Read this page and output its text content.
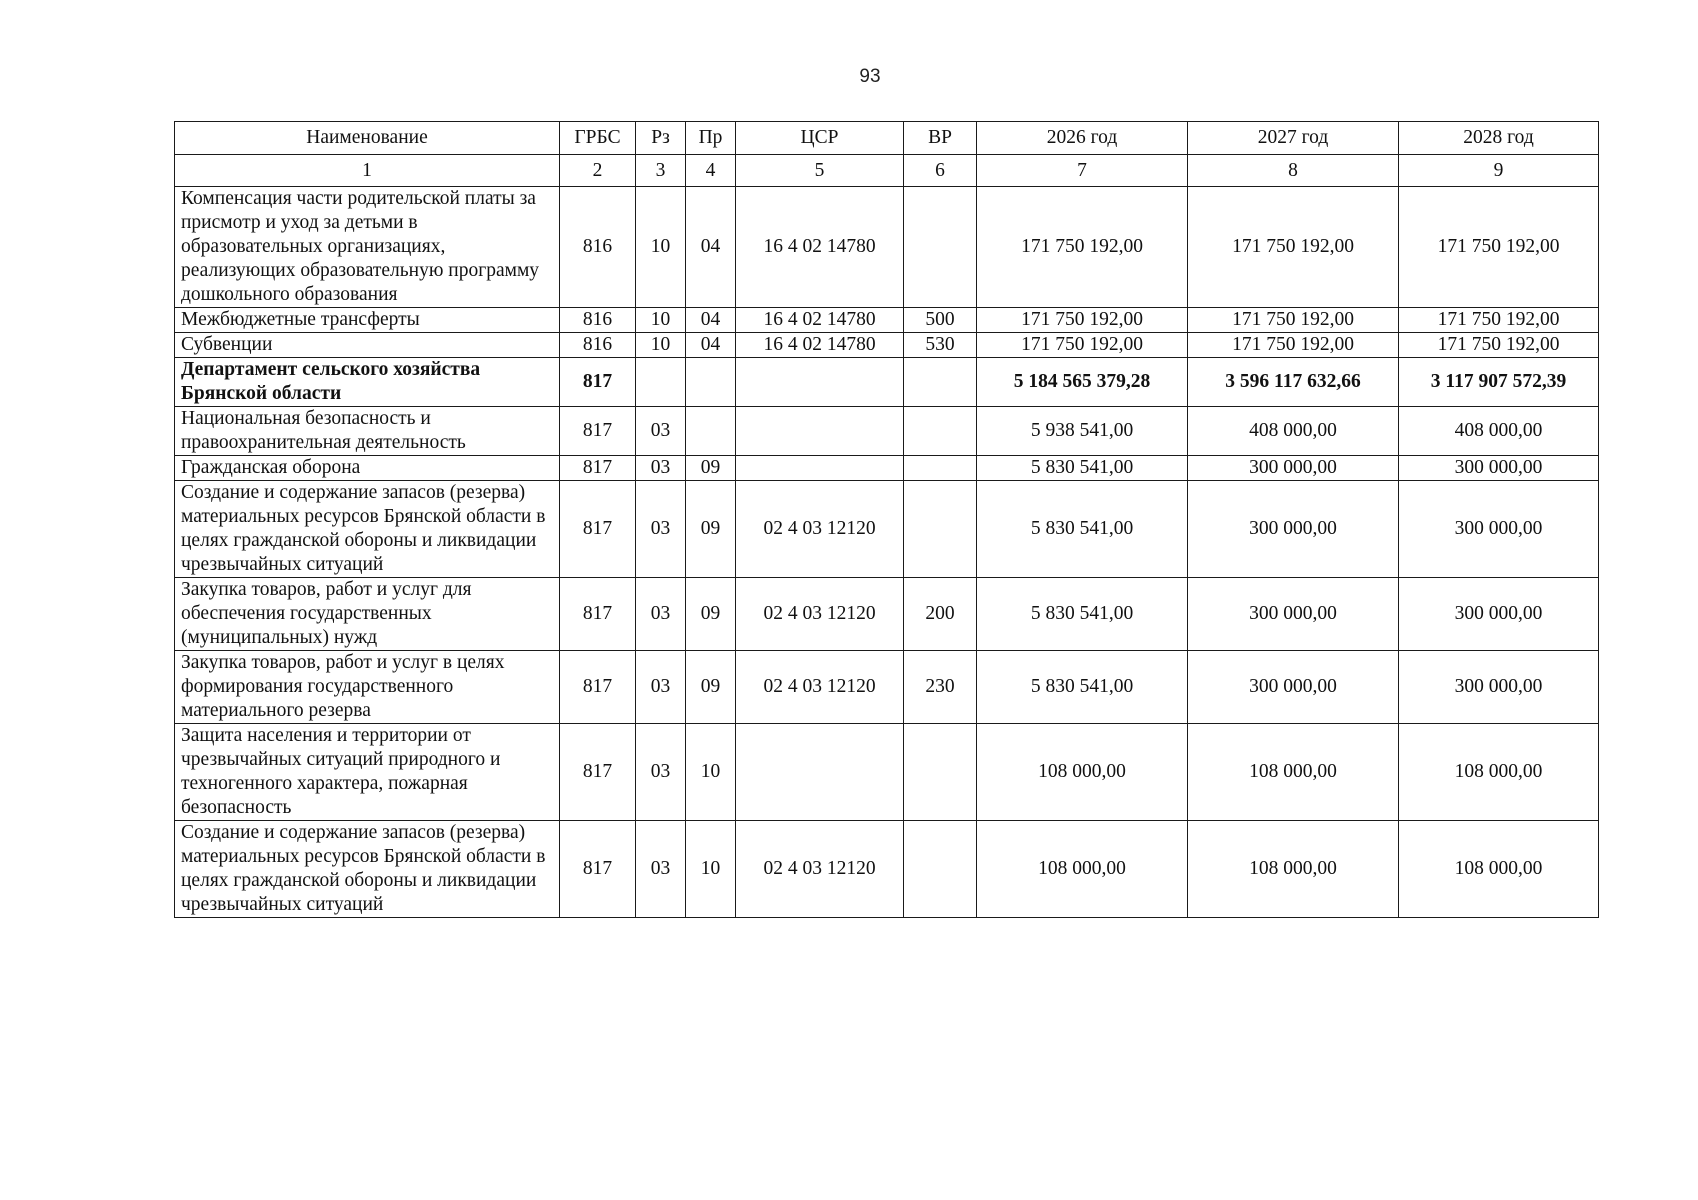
93
Наименование	ГРБС	Рз	Пр	ЦСР	ВР	2026 год	2027 год	2028 год
1	2	3	4	5	6	7	8	9
Компенсация части родительской платы за присмотр и уход за детьми в образовательных организациях, реализующих образовательную программу дошкольного образования	816	10	04	16 4 02 14780		171 750 192,00	171 750 192,00	171 750 192,00
Межбюджетные трансферты	816	10	04	16 4 02 14780	500	171 750 192,00	171 750 192,00	171 750 192,00
Субвенции	816	10	04	16 4 02 14780	530	171 750 192,00	171 750 192,00	171 750 192,00
Департамент сельского хозяйства Брянской области	817					5 184 565 379,28	3 596 117 632,66	3 117 907 572,39
Национальная безопасность и правоохранительная деятельность	817	03				5 938 541,00	408 000,00	408 000,00
Гражданская оборона	817	03	09			5 830 541,00	300 000,00	300 000,00
Создание и содержание запасов (резерва) материальных ресурсов Брянской области в целях гражданской обороны и ликвидации чрезвычайных ситуаций	817	03	09	02 4 03 12120		5 830 541,00	300 000,00	300 000,00
Закупка товаров, работ и услуг для обеспечения государственных (муниципальных) нужд	817	03	09	02 4 03 12120	200	5 830 541,00	300 000,00	300 000,00
Закупка товаров, работ и услуг в целях формирования государственного материального резерва	817	03	09	02 4 03 12120	230	5 830 541,00	300 000,00	300 000,00
Защита населения и территории от чрезвычайных ситуаций природного и техногенного характера, пожарная безопасность	817	03	10			108 000,00	108 000,00	108 000,00
Создание и содержание запасов (резерва) материальных ресурсов Брянской области в целях гражданской обороны и ликвидации чрезвычайных ситуаций	817	03	10	02 4 03 12120		108 000,00	108 000,00	108 000,00
